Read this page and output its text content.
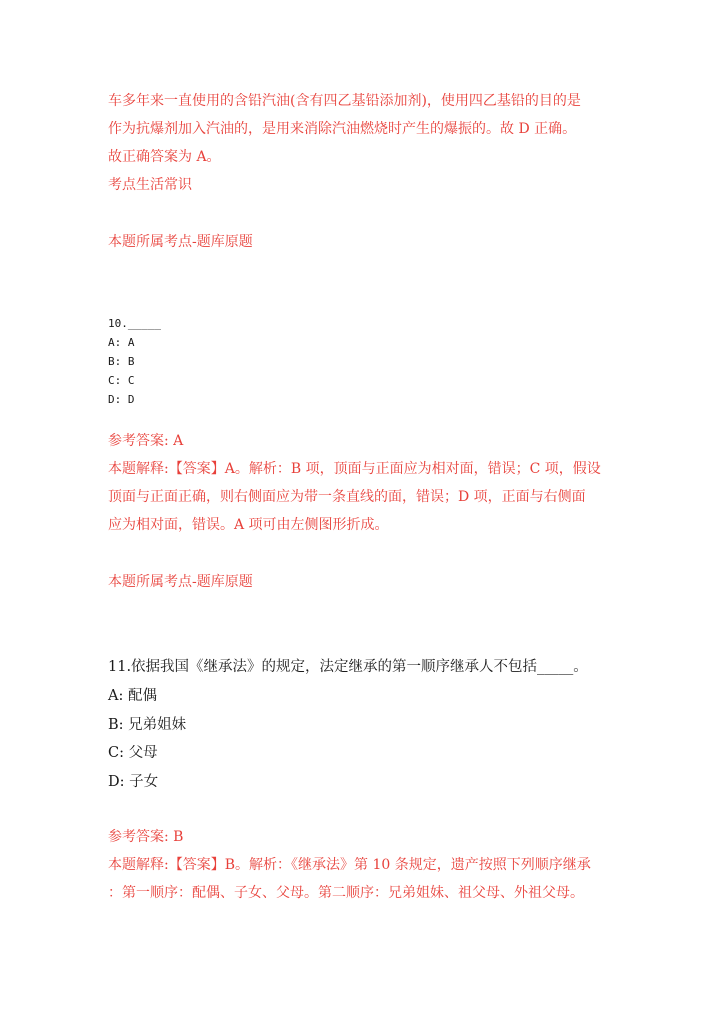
车多年来一直使用的含铅汽油(含有四乙基铅添加剂)，使用四乙基铅的目的是
作为抗爆剂加入汽油的，是用来消除汽油燃烧时产生的爆振的。故 D 正确。
故正确答案为 A。
考点生活常识
本题所属考点-题库原题
10._____
A: A
B: B
C: C
D: D
参考答案: A
本题解释:【答案】A。解析：B 项，顶面与正面应为相对面，错误；C 项，假设
顶面与正面正确，则右侧面应为带一条直线的面，错误；D 项，正面与右侧面
应为相对面，错误。A 项可由左侧图形折成。
本题所属考点-题库原题
11.依据我国《继承法》的规定，法定继承的第一顺序继承人不包括_____。
A: 配偶
B: 兄弟姐妹
C: 父母
D: 子女
参考答案: B
本题解释:【答案】B。解析：《继承法》第 10 条规定，遗产按照下列顺序继承
：第一顺序：配偶、子女、父母。第二顺序：兄弟姐妹、祖父母、外祖父母。
